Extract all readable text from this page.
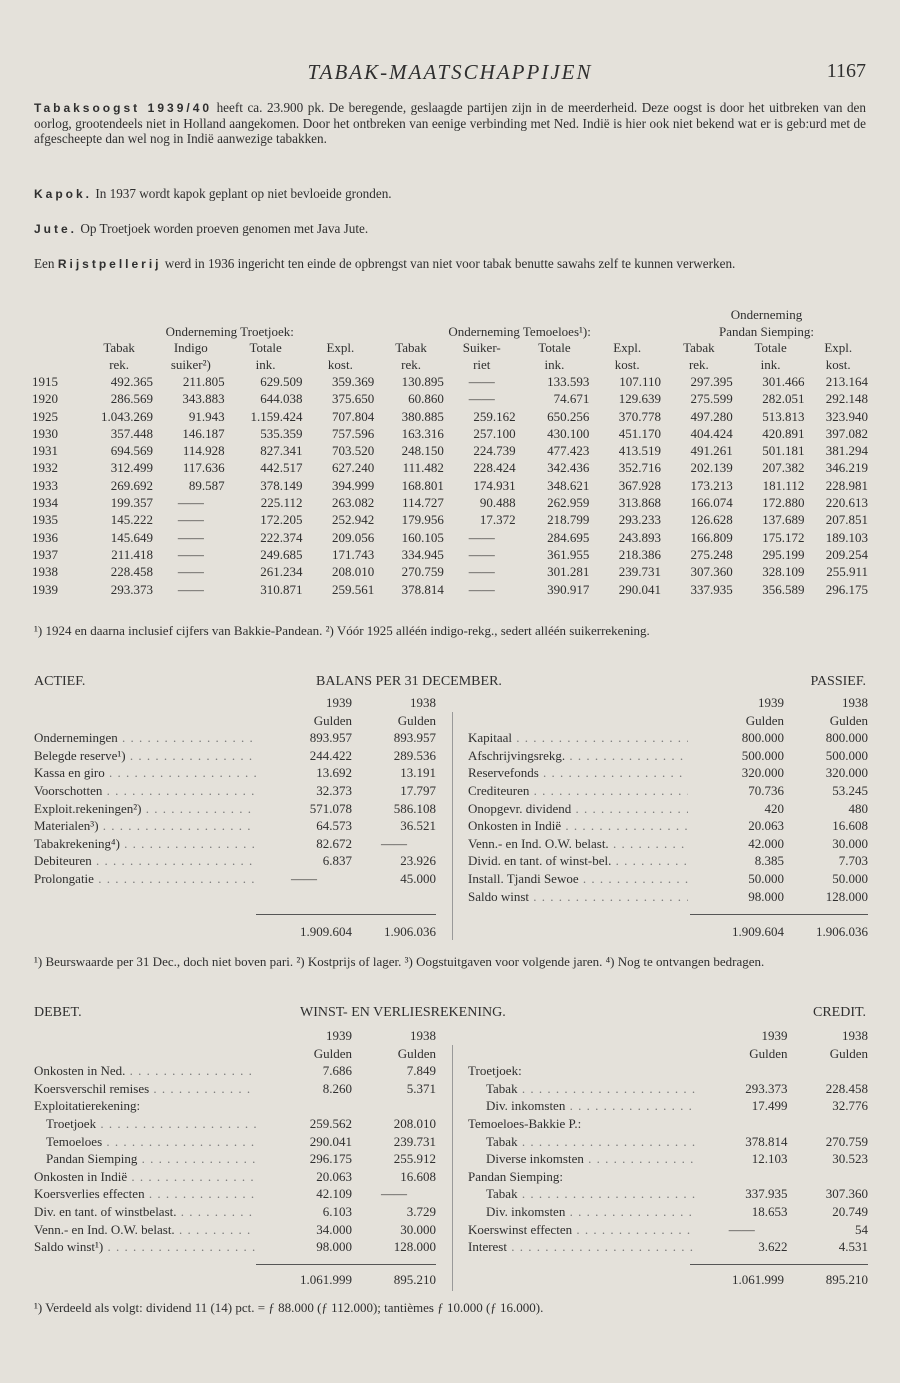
TABAK-MAATSCHAPPIJEN	1167
Tabaksoogst 1939/40 heeft ca. 23.900 pk. De beregende, geslaagde partijen zijn in de meerderheid. Deze oogst is door het uitbreken van den oorlog, grootendeels niet in Holland aangekomen. Door het ontbreken van eenige verbinding met Ned. Indië is hier ook niet bekend wat er is geb:urd met de afgescheepte dan wel nog in Indië aanwezige tabakken.
Kapok. In 1937 wordt kapok geplant op niet bevloeide gronden.
Jute. Op Troetjoek worden proeven genomen met Java Jute.
Een Rijstpellerij werd in 1936 ingericht ten einde de opbrengst van niet voor tabak benutte sawahs zelf te kunnen verwerken.
									Onderneming		
	Onderneming Troetjoek:				Onderneming Temoeloes¹):				Pandan Siemping:		
	Tabak	Indigo	Totale	Expl.	Tabak	Suiker-	Totale	Expl.	Tabak	Totale	Expl.
	rek.	suiker²)	ink.	kost.	rek.	riet	ink.	kost.	rek.	ink.	kost.
1915	492.365	211.805	629.509	359.369	130.895	——	133.593	107.110	297.395	301.466	213.164
1920	286.569	343.883	644.038	375.650	60.860	——	74.671	129.639	275.599	282.051	292.148
1925	1.043.269	91.943	1.159.424	707.804	380.885	259.162	650.256	370.778	497.280	513.813	323.940
1930	357.448	146.187	535.359	757.596	163.316	257.100	430.100	451.170	404.424	420.891	397.082
1931	694.569	114.928	827.341	703.520	248.150	224.739	477.423	413.519	491.261	501.181	381.294
1932	312.499	117.636	442.517	627.240	111.482	228.424	342.436	352.716	202.139	207.382	346.219
1933	269.692	89.587	378.149	394.999	168.801	174.931	348.621	367.928	173.213	181.112	228.981
1934	199.357	——	225.112	263.082	114.727	90.488	262.959	313.868	166.074	172.880	220.613
1935	145.222	——	172.205	252.942	179.956	17.372	218.799	293.233	126.628	137.689	207.851
1936	145.649	——	222.374	209.056	160.105	——	284.695	243.893	166.809	175.172	189.103
1937	211.418	——	249.685	171.743	334.945	——	361.955	218.386	275.248	295.199	209.254
1938	228.458	——	261.234	208.010	270.759	——	301.281	239.731	307.360	328.109	255.911
1939	293.373	——	310.871	259.561	378.814	——	390.917	290.041	337.935	356.589	296.175
¹) 1924 en daarna inclusief cijfers van Bakkie-Pandean. ²) Vóór 1925 alléén indigo-rekg., sedert alléén suikerrekening.
ACTIEF.	BALANS PER 31 DECEMBER.	PASSIEF.
	1939	1938
	Gulden	Gulden
Ondernemingen . . .	893.957	893.957
Belegde reserve¹) . . .	244.422	289.536
Kassa en giro . . .	13.692	13.191
Voorschotten . . .	32.373	17.797
Exploit.rekeningen²) . . .	571.078	586.108
Materialen³) . . .	64.573	36.521
Tabakrekening⁴) . . .	82.672	——
Debiteuren . . .	6.837	23.926
Prolongatie . . .	——	45.000
	1939	1938
	Gulden	Gulden
Kapitaal . . .	800.000	800.000
Afschrijvingsrekg. . . .	500.000	500.000
Reservefonds . . .	320.000	320.000
Crediteuren . . .	70.736	53.245
Onopgevr. dividend . . .	420	480
Onkosten in Indië . . .	20.063	16.608
Venn.- en Ind. O.W. belast. . . .	42.000	30.000
Divid. en tant. of winst-bel. . . .	8.385	7.703
Install. Tjandi Sewoe . . .	50.000	50.000
Saldo winst . . .	98.000	128.000
1.909.604	1.906.036	1.909.604	1.906.036
¹) Beurswaarde per 31 Dec., doch niet boven pari. ²) Kostprijs of lager. ³) Oogstuitgaven voor volgende jaren. ⁴) Nog te ontvangen bedragen.
DEBET.	WINST- EN VERLIESREKENING.	CREDIT.
	1939	1938
	Gulden	Gulden
Onkosten in Ned. . . .	7.686	7.849
Koersverschil remises . . .	8.260	5.371
Exploitatierekening:		
Troetjoek . . .	259.562	208.010
Temoeloes . . .	290.041	239.731
Pandan Siemping . . .	296.175	255.912
Onkosten in Indië . . .	20.063	16.608
Koersverlies effecten . . .	42.109	——
Div. en tant. of winstbelast. . . .	6.103	3.729
Venn.- en Ind. O.W. belast. . . .	34.000	30.000
Saldo winst¹) . . .	98.000	128.000
	1939	1938
	Gulden	Gulden
Troetjoek:		
Tabak . . .	293.373	228.458
Div. inkomsten . . .	17.499	32.776
Temoeloes-Bakkie P.:		
Tabak . . .	378.814	270.759
Diverse inkomsten . . .	12.103	30.523
Pandan Siemping:		
Tabak . . .	337.935	307.360
Div. inkomsten . . .	18.653	20.749
Koerswinst effecten . . .	——	54
Interest . . .	3.622	4.531
1.061.999	895.210	1.061.999	895.210
¹) Verdeeld als volgt: dividend 11 (14) pct. = ƒ 88.000 (ƒ 112.000); tantièmes ƒ 10.000 (ƒ 16.000).
